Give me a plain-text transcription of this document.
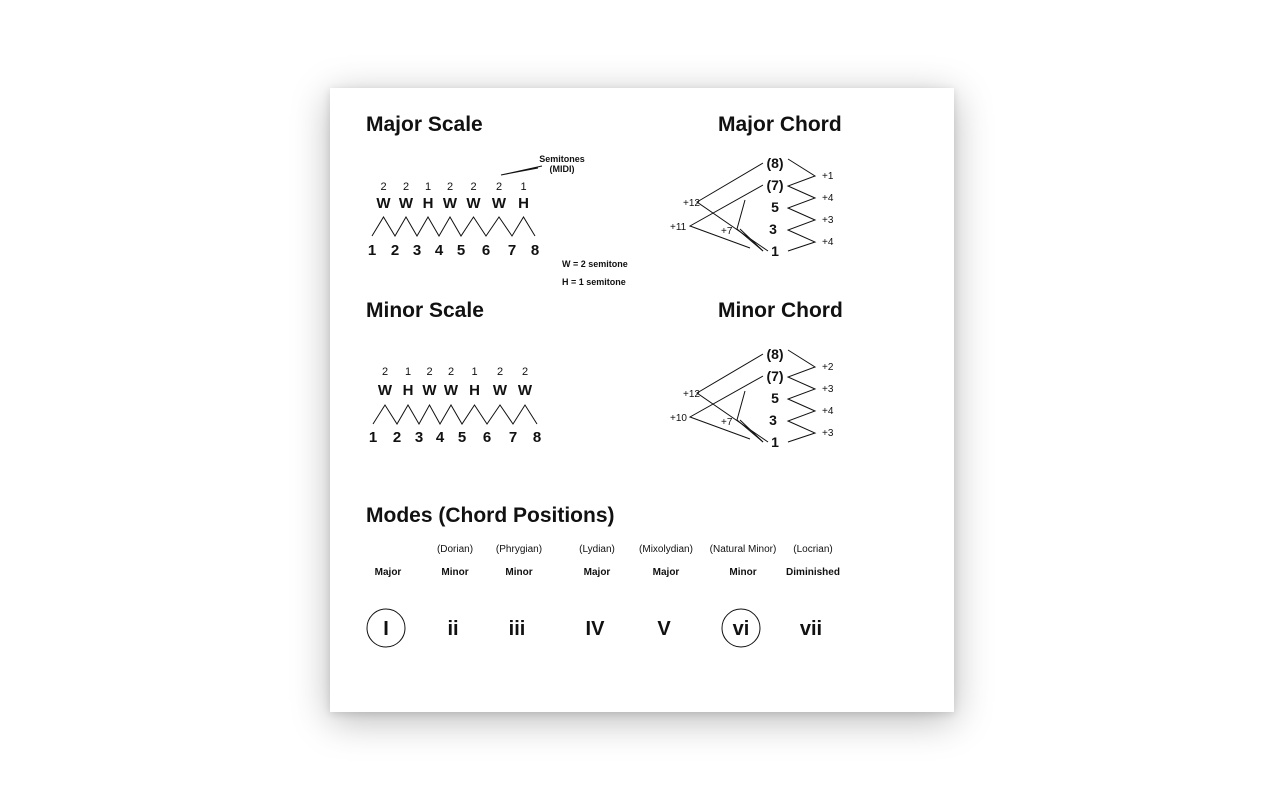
Major Scale
Semitones
(MIDI)
2 2 1 2 2 2 1
W W H W W W H
1 2 3 4 5 6 7 8
W = 2 semitone
H = 1 semitone
Major Chord
(8)
(7)
5
3
1
+1
+4
+3
+4
+12
+11	+7
Minor Scale
2 1 2 2 1 2 2
W H W W H W W
1 2 3 4 5 6 7 8
Minor Chord
(8)
(7)
5
3
1
+2
+3
+4
+3
+12
+10	+7
Modes (Chord Positions)
Major
I
(Dorian)
Minor
ii
(Phrygian)
Minor
iii
(Lydian)
Major
IV
(Mixolydian)
Major
V
(Natural Minor)
Minor
vi
(Locrian)
Diminished
vii
